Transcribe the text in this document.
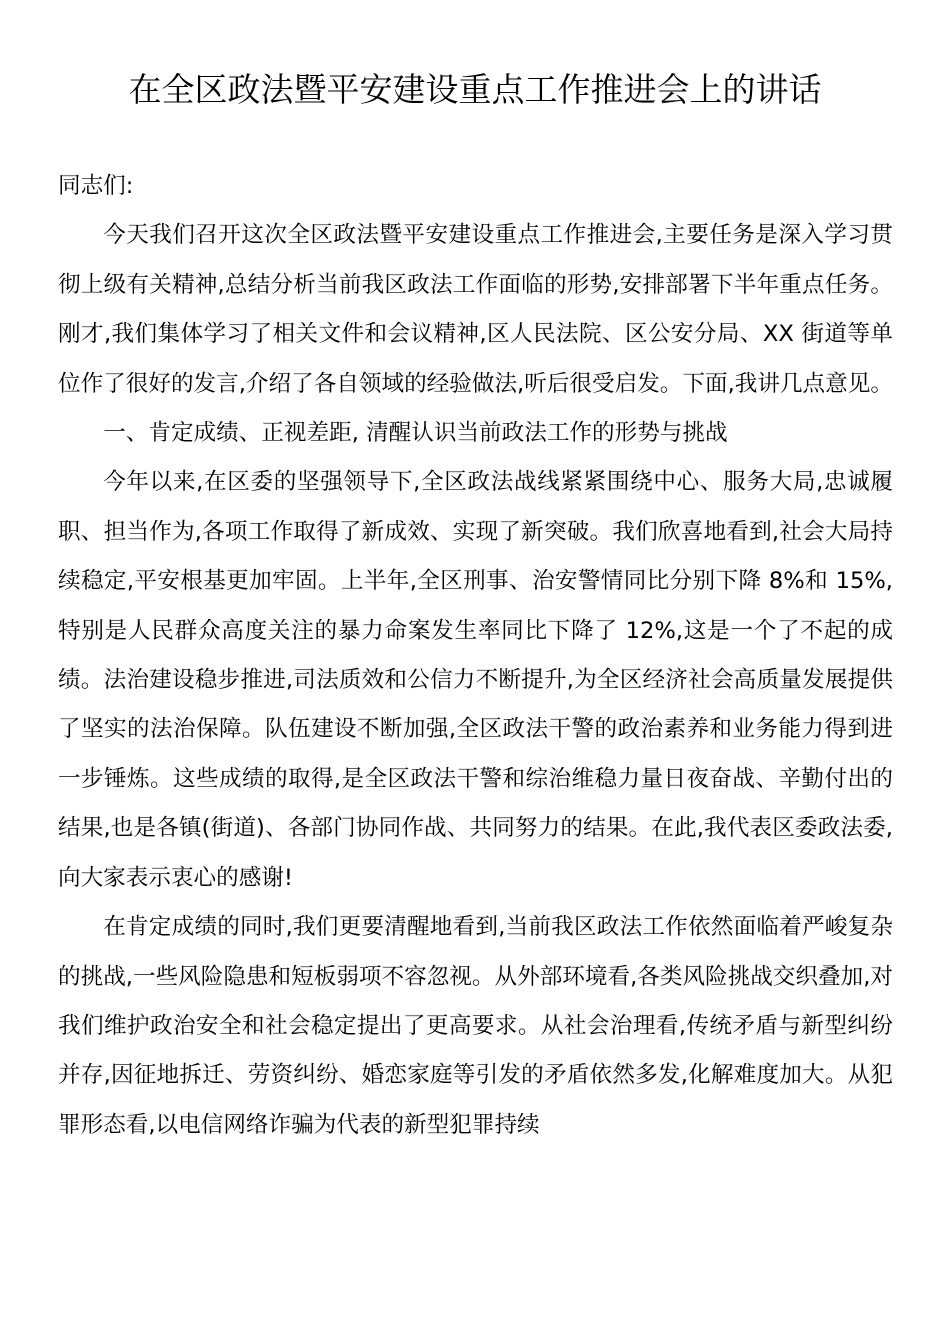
在全区政法暨平安建设重点工作推进会上的讲话

同志们:

今天我们召开这次全区政法暨平安建设重点工作推进会,主要任务是深入学习贯彻上级有关精神,总结分析当前我区政法工作面临的形势,安排部署下半年重点任务。刚才,我们集体学习了相关文件和会议精神,区人民法院、区公安分局、XX 街道等单位作了很好的发言,介绍了各自领域的经验做法,听后很受启发。下面,我讲几点意见。

一、肯定成绩、正视差距, 清醒认识当前政法工作的形势与挑战

今年以来,在区委的坚强领导下,全区政法战线紧紧围绕中心、服务大局,忠诚履职、担当作为,各项工作取得了新成效、实现了新突破。我们欣喜地看到,社会大局持续稳定,平安根基更加牢固。上半年,全区刑事、治安警情同比分别下降 8%和 15%,特别是人民群众高度关注的暴力命案发生率同比下降了 12%,这是一个了不起的成绩。法治建设稳步推进,司法质效和公信力不断提升,为全区经济社会高质量发展提供了坚实的法治保障。队伍建设不断加强,全区政法干警的政治素养和业务能力得到进一步锤炼。这些成绩的取得,是全区政法干警和综治维稳力量日夜奋战、辛勤付出的结果,也是各镇(街道)、各部门协同作战、共同努力的结果。在此,我代表区委政法委,向大家表示衷心的感谢!

在肯定成绩的同时,我们更要清醒地看到,当前我区政法工作依然面临着严峻复杂的挑战,一些风险隐患和短板弱项不容忽视。从外部环境看,各类风险挑战交织叠加,对我们维护政治安全和社会稳定提出了更高要求。从社会治理看,传统矛盾与新型纠纷并存,因征地拆迁、劳资纠纷、婚恋家庭等引发的矛盾依然多发,化解难度加大。从犯罪形态看,以电信网络诈骗为代表的新型犯罪持续
